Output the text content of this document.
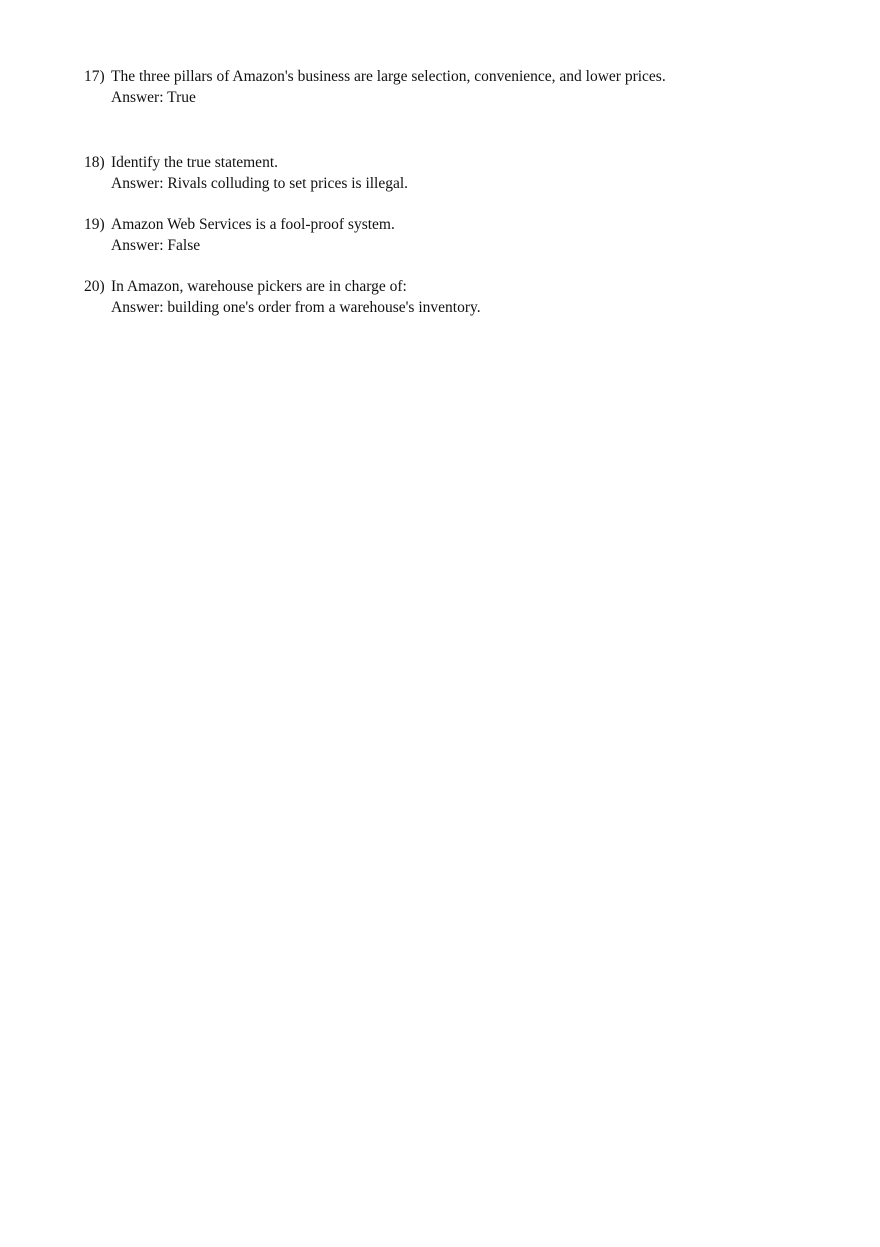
17) The three pillars of Amazon's business are large selection, convenience, and lower prices.
Answer: True
18) Identify the true statement.
Answer: Rivals colluding to set prices is illegal.
19) Amazon Web Services is a fool-proof system.
Answer: False
20) In Amazon, warehouse pickers are in charge of:
Answer: building one's order from a warehouse's inventory.
